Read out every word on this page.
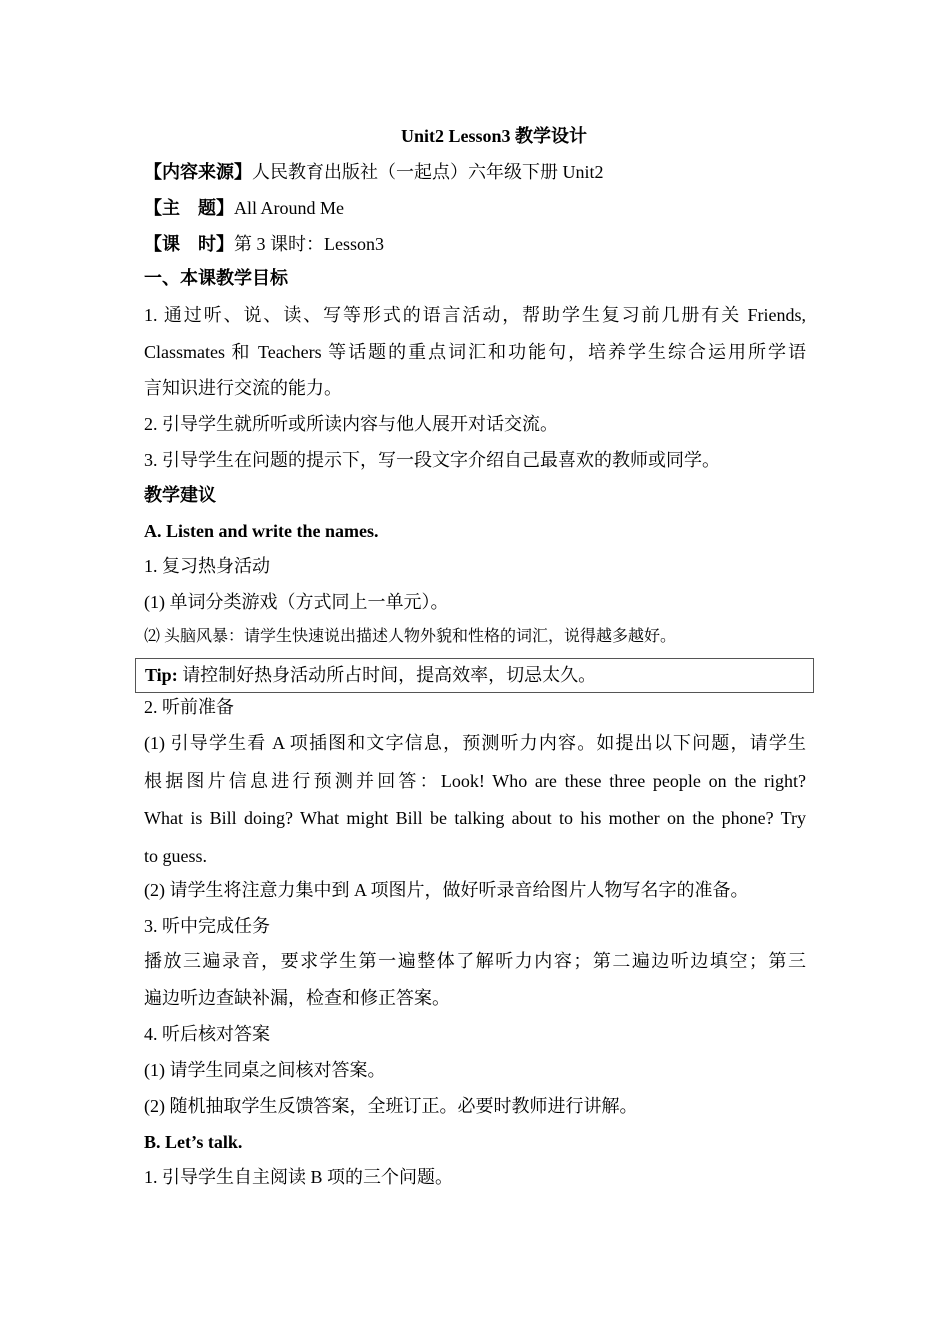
Unit2 Lesson3 教学设计
【内容来源】人民教育出版社（一起点）六年级下册 Unit2
【主　题】All Around Me
【课　时】第 3 课时：Lesson3
一、本课教学目标
1. 通过听、说、读、写等形式的语言活动，帮助学生复习前几册有关 Friends,
Classmates 和 Teachers 等话题的重点词汇和功能句，培养学生综合运用所学语
言知识进行交流的能力。
2. 引导学生就所听或所读内容与他人展开对话交流。
3. 引导学生在问题的提示下，写一段文字介绍自己最喜欢的教师或同学。
教学建议
A. Listen and write the names.
1. 复习热身活动
(1) 单词分类游戏（方式同上一单元）。
⑵ 头脑风暴：请学生快速说出描述人物外貌和性格的词汇，说得越多越好。
Tip: 请控制好热身活动所占时间，提高效率，切忌太久。
2. 听前准备
(1) 引导学生看 A 项插图和文字信息，预测听力内容。如提出以下问题，请学生
根据图片信息进行预测并回答：Look! Who are these three people on the right?
What is Bill doing? What might Bill be talking about to his mother on the phone? Try
to guess.
(2) 请学生将注意力集中到 A 项图片，做好听录音给图片人物写名字的准备。
3. 听中完成任务
播放三遍录音，要求学生第一遍整体了解听力内容；第二遍边听边填空；第三
遍边听边查缺补漏，检查和修正答案。
4. 听后核对答案
(1) 请学生同桌之间核对答案。
(2) 随机抽取学生反馈答案，全班订正。必要时教师进行讲解。
B. Let’s talk.
1. 引导学生自主阅读 B 项的三个问题。
